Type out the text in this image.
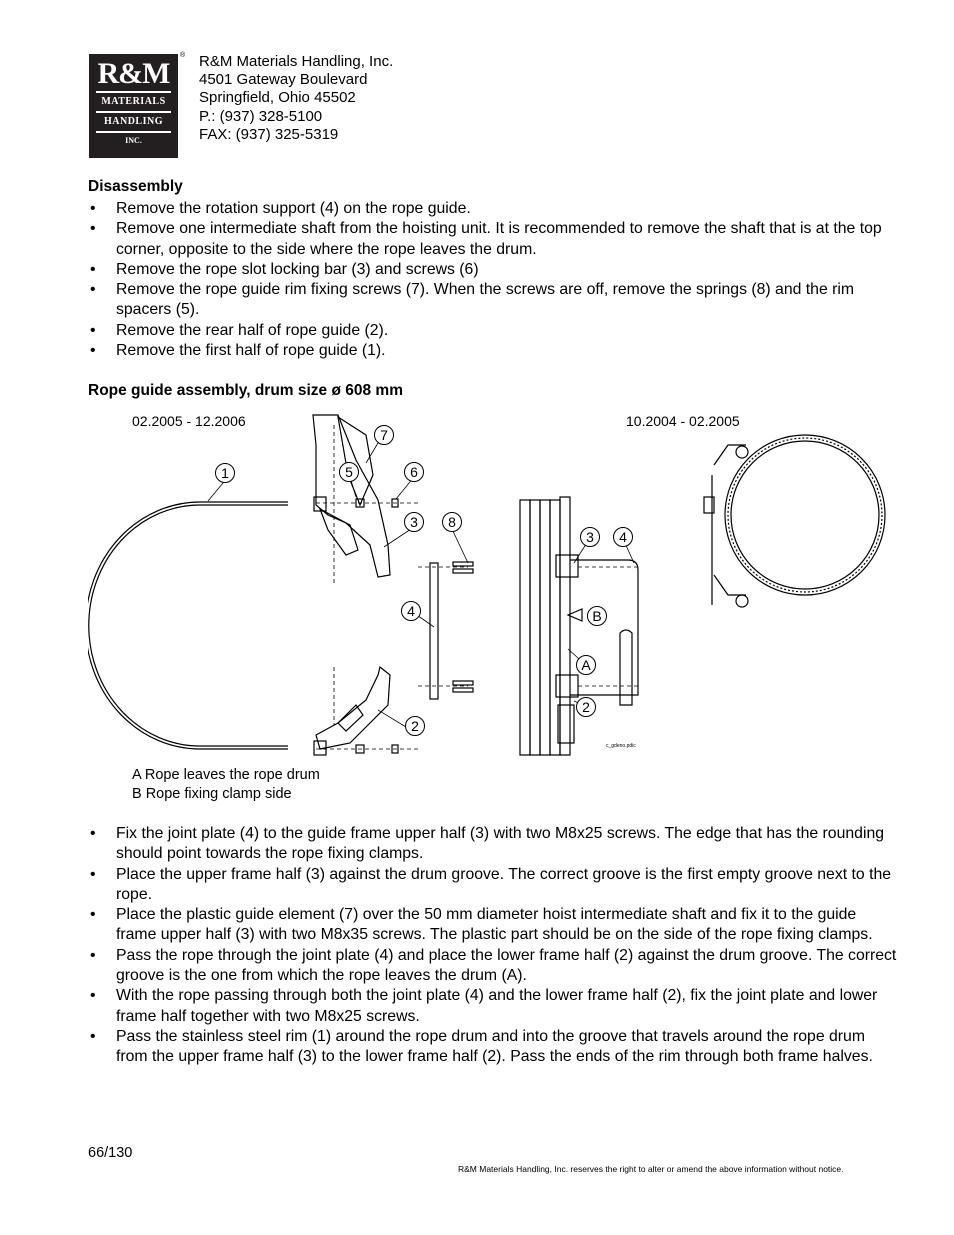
R&M
MATERIALS
HANDLING
INC.
® R&M Materials Handling, Inc.
4501 Gateway Boulevard
Springfield, Ohio 45502
P.: (937) 328-5100
FAX: (937) 325-5319
Disassembly
• Remove the rotation support (4) on the rope guide.
• Remove one intermediate shaft from the hoisting unit. It is recommended to remove the shaft that is at the top corner, opposite to the side where the rope leaves the drum.
• Remove the rope slot locking bar (3) and screws (6)
• Remove the rope guide rim fixing screws (7). When the screws are off, remove the springs (8) and the rim spacers (5).
• Remove the rear half of rope guide (2).
• Remove the first half of rope guide (1).
Rope guide assembly, drum size ø 608 mm
1
7
5	6
3 8
4
2
3 4
B
A
2
02.2005 - 12.2006	10.2004 - 02.2005
c_gdeno.pdic
A Rope leaves the rope drum
B Rope fixing clamp side
• Fix the joint plate (4) to the guide frame upper half (3) with two M8x25 screws. The edge that has the rounding should point towards the rope fixing clamps.
• Place the upper frame half (3) against the drum groove. The correct groove is the first empty groove next to the rope.
• Place the plastic guide element (7) over the 50 mm diameter hoist intermediate shaft and fix it to the guide frame upper half (3) with two M8x35 screws. The plastic part should be on the side of the rope fixing clamps.
• Pass the rope through the joint plate (4) and place the lower frame half (2) against the drum groove. The correct groove is the one from which the rope leaves the drum (A).
• With the rope passing through both the joint plate (4) and the lower frame half (2), fix the joint plate and lower frame half together with two M8x25 screws.
• Pass the stainless steel rim (1) around the rope drum and into the groove that travels around the rope drum from the upper frame half (3) to the lower frame half (2). Pass the ends of the rim through both frame halves.
66/130
R&M Materials Handling, Inc. reserves the right to alter or amend the above information without notice.
